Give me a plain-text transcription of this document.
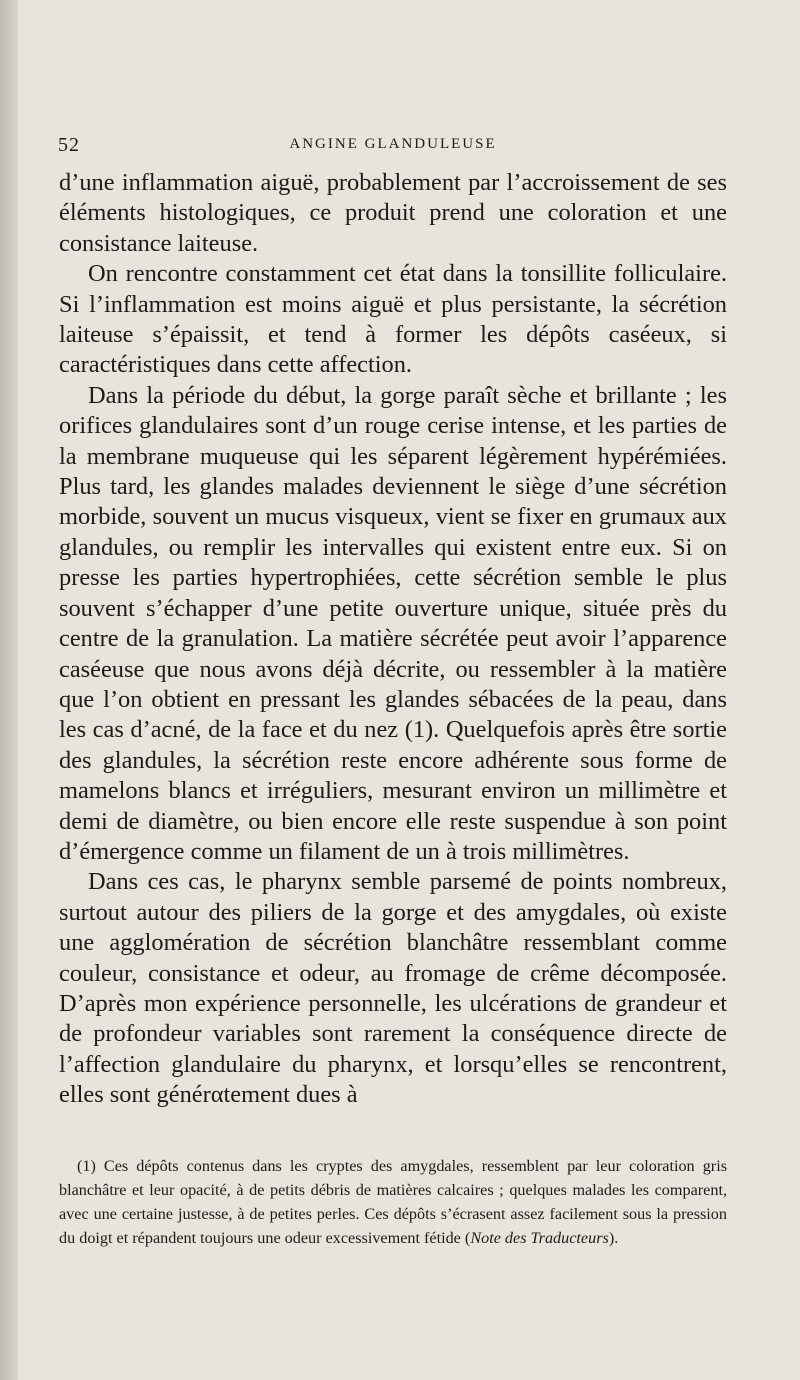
52	ANGINE GLANDULEUSE

d’une inflammation aiguë, probablement par l’accroissement de ses éléments histologiques, ce produit prend une coloration et une consistance laiteuse.

On rencontre constamment cet état dans la tonsillite folliculaire. Si l’inflammation est moins aiguë et plus persistante, la sécrétion laiteuse s’épaissit, et tend à former les dépôts caséeux, si caractéristiques dans cette affection.

Dans la période du début, la gorge paraît sèche et brillante ; les orifices glandulaires sont d’un rouge cerise intense, et les parties de la membrane muqueuse qui les séparent légèrement hypérémiées. Plus tard, les glandes malades deviennent le siège d’une sécrétion morbide, souvent un mucus visqueux, vient se fixer en grumaux aux glandules, ou remplir les intervalles qui existent entre eux. Si on presse les parties hypertrophiées, cette sécrétion semble le plus souvent s’échapper d’une petite ouverture unique, située près du centre de la granulation. La matière sécrétée peut avoir l’apparence caséeuse que nous avons déjà décrite, ou ressembler à la matière que l’on obtient en pressant les glandes sébacées de la peau, dans les cas d’acné, de la face et du nez (1). Quelquefois après être sortie des glandules, la sécrétion reste encore adhérente sous forme de mamelons blancs et irréguliers, mesurant environ un millimètre et demi de diamètre, ou bien encore elle reste suspendue à son point d’émergence comme un filament de un à trois millimètres.

Dans ces cas, le pharynx semble parsemé de points nombreux, surtout autour des piliers de la gorge et des amygdales, où existe une agglomération de sécrétion blanchâtre ressemblant comme couleur, consistance et odeur, au fromage de crême décomposée. D’après mon expérience personnelle, les ulcérations de grandeur et de profondeur variables sont rarement la conséquence directe de l’affection glandulaire du pharynx, et lorsqu’elles se rencontrent, elles sont générαtement dues à

(1) Ces dépôts contenus dans les cryptes des amygdales, ressemblent par leur coloration gris blanchâtre et leur opacité, à de petits débris de matières calcaires ; quelques malades les comparent, avec une certaine justesse, à de petites perles. Ces dépôts s’écrasent assez facilement sous la pression du doigt et répandent toujours une odeur excessivement fétide (Note des Traducteurs).
